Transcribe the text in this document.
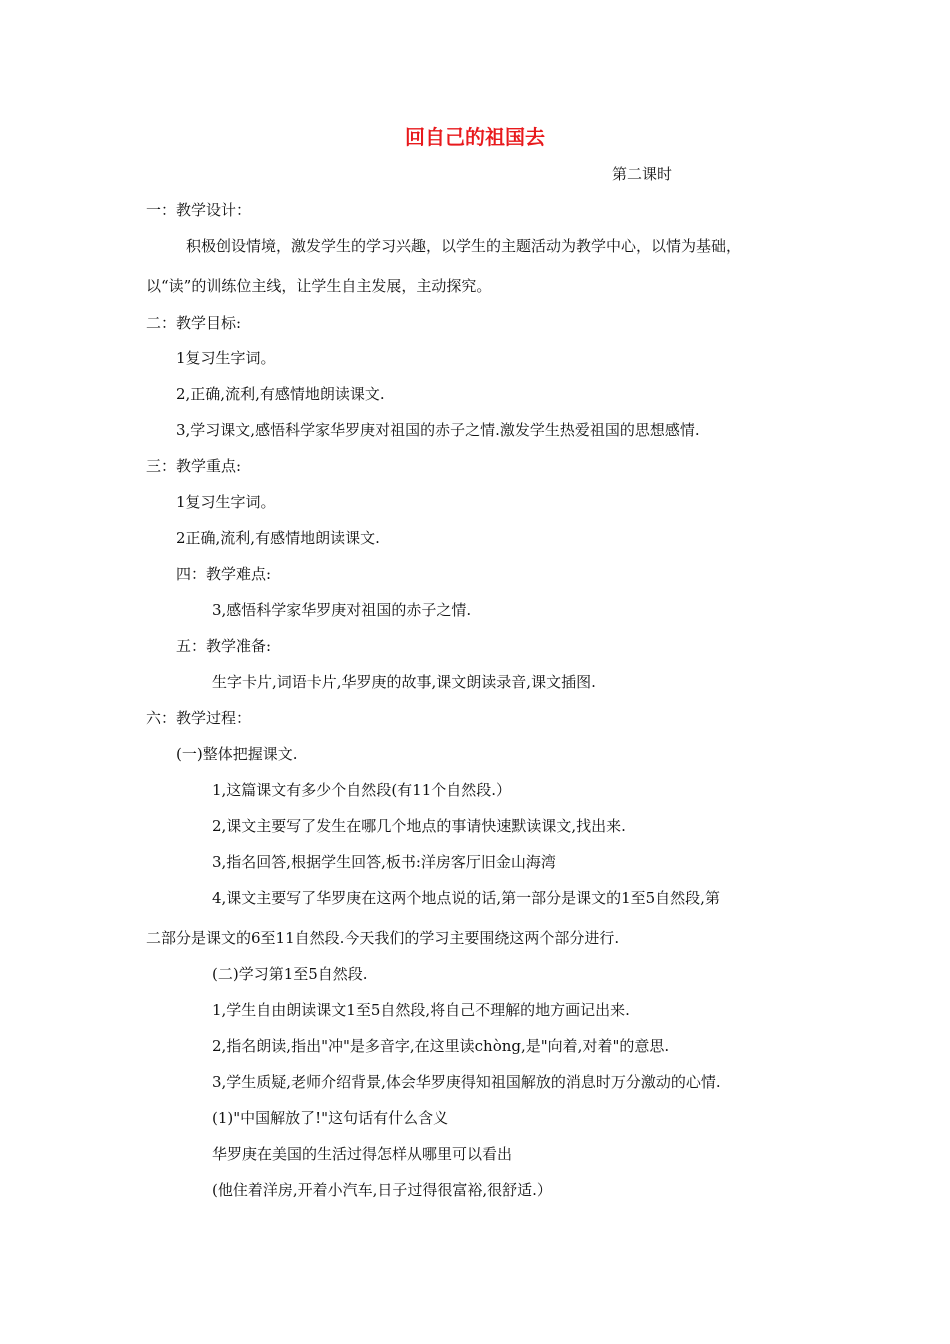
回自己的祖国去
第二课时
一：教学设计：
积极创设情境，激发学生的学习兴趣，以学生的主题活动为教学中心，以情为基础，
以“读”的训练位主线，让学生自主发展，主动探究。
二：教学目标:
1复习生字词。
2,正确,流利,有感情地朗读课文.
3,学习课文,感悟科学家华罗庚对祖国的赤子之情.激发学生热爱祖国的思想感情.
三：教学重点:
1复习生字词。
2正确,流利,有感情地朗读课文.
四：教学难点:
3,感悟科学家华罗庚对祖国的赤子之情.
五：教学准备:
生字卡片,词语卡片,华罗庚的故事,课文朗读录音,课文插图.
六：教学过程：
(一)整体把握课文.
1,这篇课文有多少个自然段(有11个自然段.）
2,课文主要写了发生在哪几个地点的事请快速默读课文,找出来.
3,指名回答,根据学生回答,板书:洋房客厅旧金山海湾
4,课文主要写了华罗庚在这两个地点说的话,第一部分是课文的1至5自然段,第
二部分是课文的6至11自然段.今天我们的学习主要围绕这两个部分进行.
(二)学习第1至5自然段.
1,学生自由朗读课文1至5自然段,将自己不理解的地方画记出来.
2,指名朗读,指出"冲"是多音字,在这里读chòng,是"向着,对着"的意思.
3,学生质疑,老师介绍背景,体会华罗庚得知祖国解放的消息时万分激动的心情.
(1)"中国解放了!"这句话有什么含义
华罗庚在美国的生活过得怎样从哪里可以看出
(他住着洋房,开着小汽车,日子过得很富裕,很舒适.）
